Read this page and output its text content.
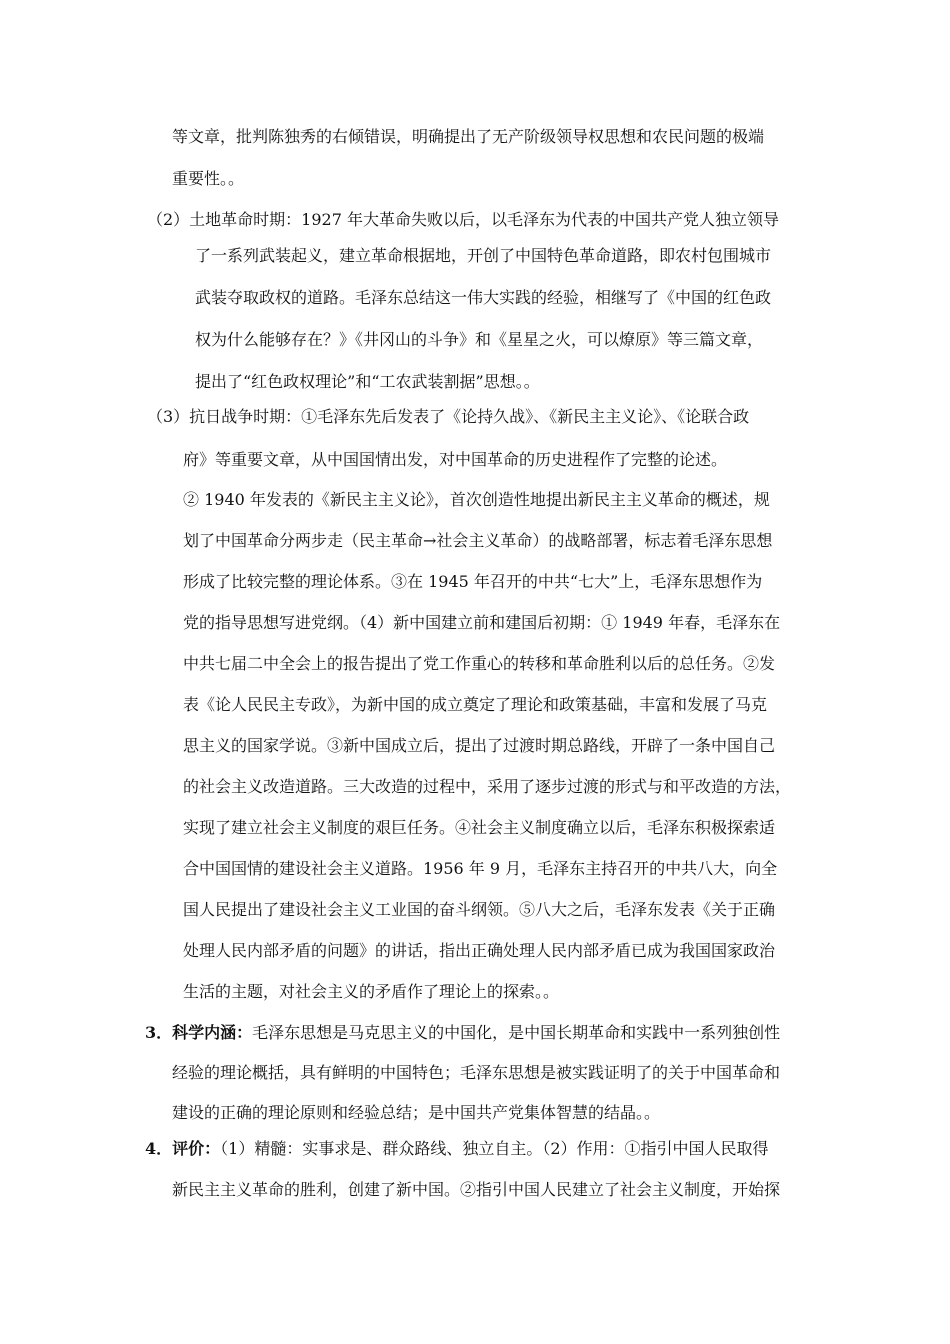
等文章，批判陈独秀的右倾错误，明确提出了无产阶级领导权思想和农民问题的极端
重要性。。
（2）土地革命时期：1927 年大革命失败以后，以毛泽东为代表的中国共产党人独立领导
了一系列武装起义，建立革命根据地，开创了中国特色革命道路，即农村包围城市
武装夺取政权的道路。毛泽东总结这一伟大实践的经验，相继写了《中国的红色政
权为什么能够存在？》《井冈山的斗争》和《星星之火，可以燎原》等三篇文章，
提出了“红色政权理论”和“工农武装割据”思想。。
（3）抗日战争时期：①毛泽东先后发表了《论持久战》、《新民主主义论》、《论联合政
府》等重要文章，从中国国情出发，对中国革命的历史进程作了完整的论述。
② 1940 年发表的《新民主主义论》，首次创造性地提出新民主主义革命的概述，规
划了中国革命分两步走（民主革命→社会主义革命）的战略部署，标志着毛泽东思想
形成了比较完整的理论体系。③在 1945 年召开的中共“七大”上，毛泽东思想作为
党的指导思想写进党纲。（4）新中国建立前和建国后初期：① 1949 年春，毛泽东在
中共七届二中全会上的报告提出了党工作重心的转移和革命胜利以后的总任务。②发
表《论人民民主专政》，为新中国的成立奠定了理论和政策基础，丰富和发展了马克
思主义的国家学说。③新中国成立后，提出了过渡时期总路线，开辟了一条中国自己
的社会主义改造道路。三大改造的过程中，采用了逐步过渡的形式与和平改造的方法，
实现了建立社会主义制度的艰巨任务。④社会主义制度确立以后，毛泽东积极探索适
合中国国情的建设社会主义道路。1956 年 9 月，毛泽东主持召开的中共八大，向全
国人民提出了建设社会主义工业国的奋斗纲领。⑤八大之后，毛泽东发表《关于正确
处理人民内部矛盾的问题》的讲话，指出正确处理人民内部矛盾已成为我国国家政治
生活的主题，对社会主义的矛盾作了理论上的探索。。
3．科学内涵：毛泽东思想是马克思主义的中国化，是中国长期革命和实践中一系列独创性
经验的理论概括，具有鲜明的中国特色；毛泽东思想是被实践证明了的关于中国革命和
建设的正确的理论原则和经验总结；是中国共产党集体智慧的结晶。。
4．评价：（1）精髓：实事求是、群众路线、独立自主。（2）作用：①指引中国人民取得
新民主主义革命的胜利，创建了新中国。②指引中国人民建立了社会主义制度，开始探
